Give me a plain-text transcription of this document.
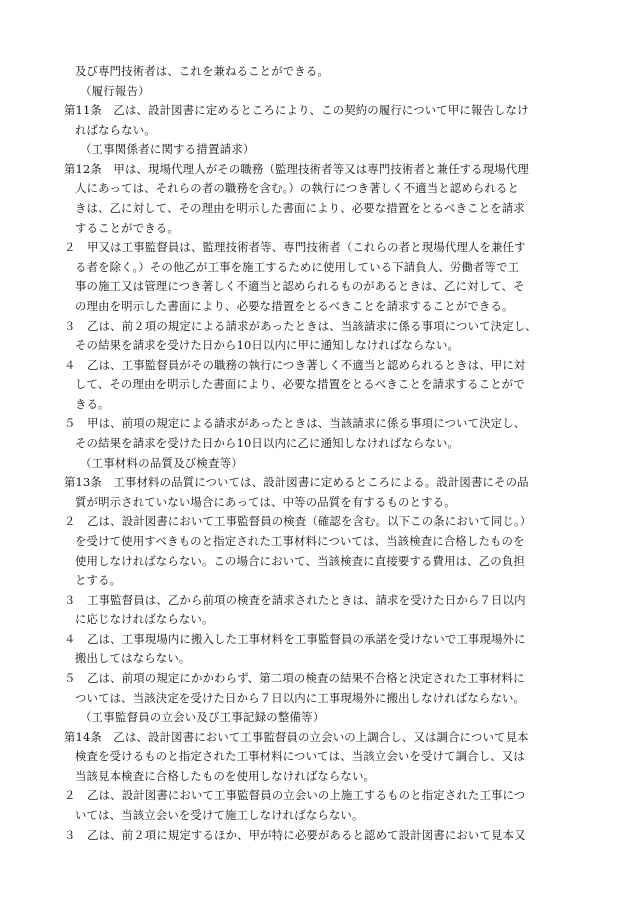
及び専門技術者は、これを兼ねることができる。
（履行報告）
第11条　乙は、設計図書に定めるところにより、この契約の履行について甲に報告しなけ
ればならない。
（工事関係者に関する措置請求）
第12条　甲は、現場代理人がその職務（監理技術者等又は専門技術者と兼任する現場代理
人にあっては、それらの者の職務を含む。）の執行につき著しく不適当と認められると
きは、乙に対して、その理由を明示した書面により、必要な措置をとるべきことを請求
することができる。
２　甲又は工事監督員は、監理技術者等、専門技術者（これらの者と現場代理人を兼任す
る者を除く。）その他乙が工事を施工するために使用している下請負人、労働者等で工
事の施工又は管理につき著しく不適当と認められるものがあるときは、乙に対して、そ
の理由を明示した書面により、必要な措置をとるべきことを請求することができる。
３　乙は、前２項の規定による請求があったときは、当該請求に係る事項について決定し、
その結果を請求を受けた日から10日以内に甲に通知しなければならない。
４　乙は、工事監督員がその職務の執行につき著しく不適当と認められるときは、甲に対
して、その理由を明示した書面により、必要な措置をとるべきことを請求することがで
きる。
５　甲は、前項の規定による請求があったときは、当該請求に係る事項について決定し、
その結果を請求を受けた日から10日以内に乙に通知しなければならない。
（工事材料の品質及び検査等）
第13条　工事材料の品質については、設計図書に定めるところによる。設計図書にその品
質が明示されていない場合にあっては、中等の品質を有するものとする。
２　乙は、設計図書において工事監督員の検査（確認を含む。以下この条において同じ。）
を受けて使用すべきものと指定された工事材料については、当該検査に合格したものを
使用しなければならない。この場合において、当該検査に直接要する費用は、乙の負担
とする。
３　工事監督員は、乙から前項の検査を請求されたときは、請求を受けた日から７日以内
に応じなければならない。
４　乙は、工事現場内に搬入した工事材料を工事監督員の承諾を受けないで工事現場外に
搬出してはならない。
５　乙は、前項の規定にかかわらず、第二項の検査の結果不合格と決定された工事材料に
ついては、当該決定を受けた日から７日以内に工事現場外に搬出しなければならない。
（工事監督員の立会い及び工事記録の整備等）
第14条　乙は、設計図書において工事監督員の立会いの上調合し、又は調合について見本
検査を受けるものと指定された工事材料については、当該立会いを受けて調合し、又は
当該見本検査に合格したものを使用しなければならない。
２　乙は、設計図書において工事監督員の立会いの上施工するものと指定された工事につ
いては、当該立会いを受けて施工しなければならない。
３　乙は、前２項に規定するほか、甲が特に必要があると認めて設計図書において見本又
